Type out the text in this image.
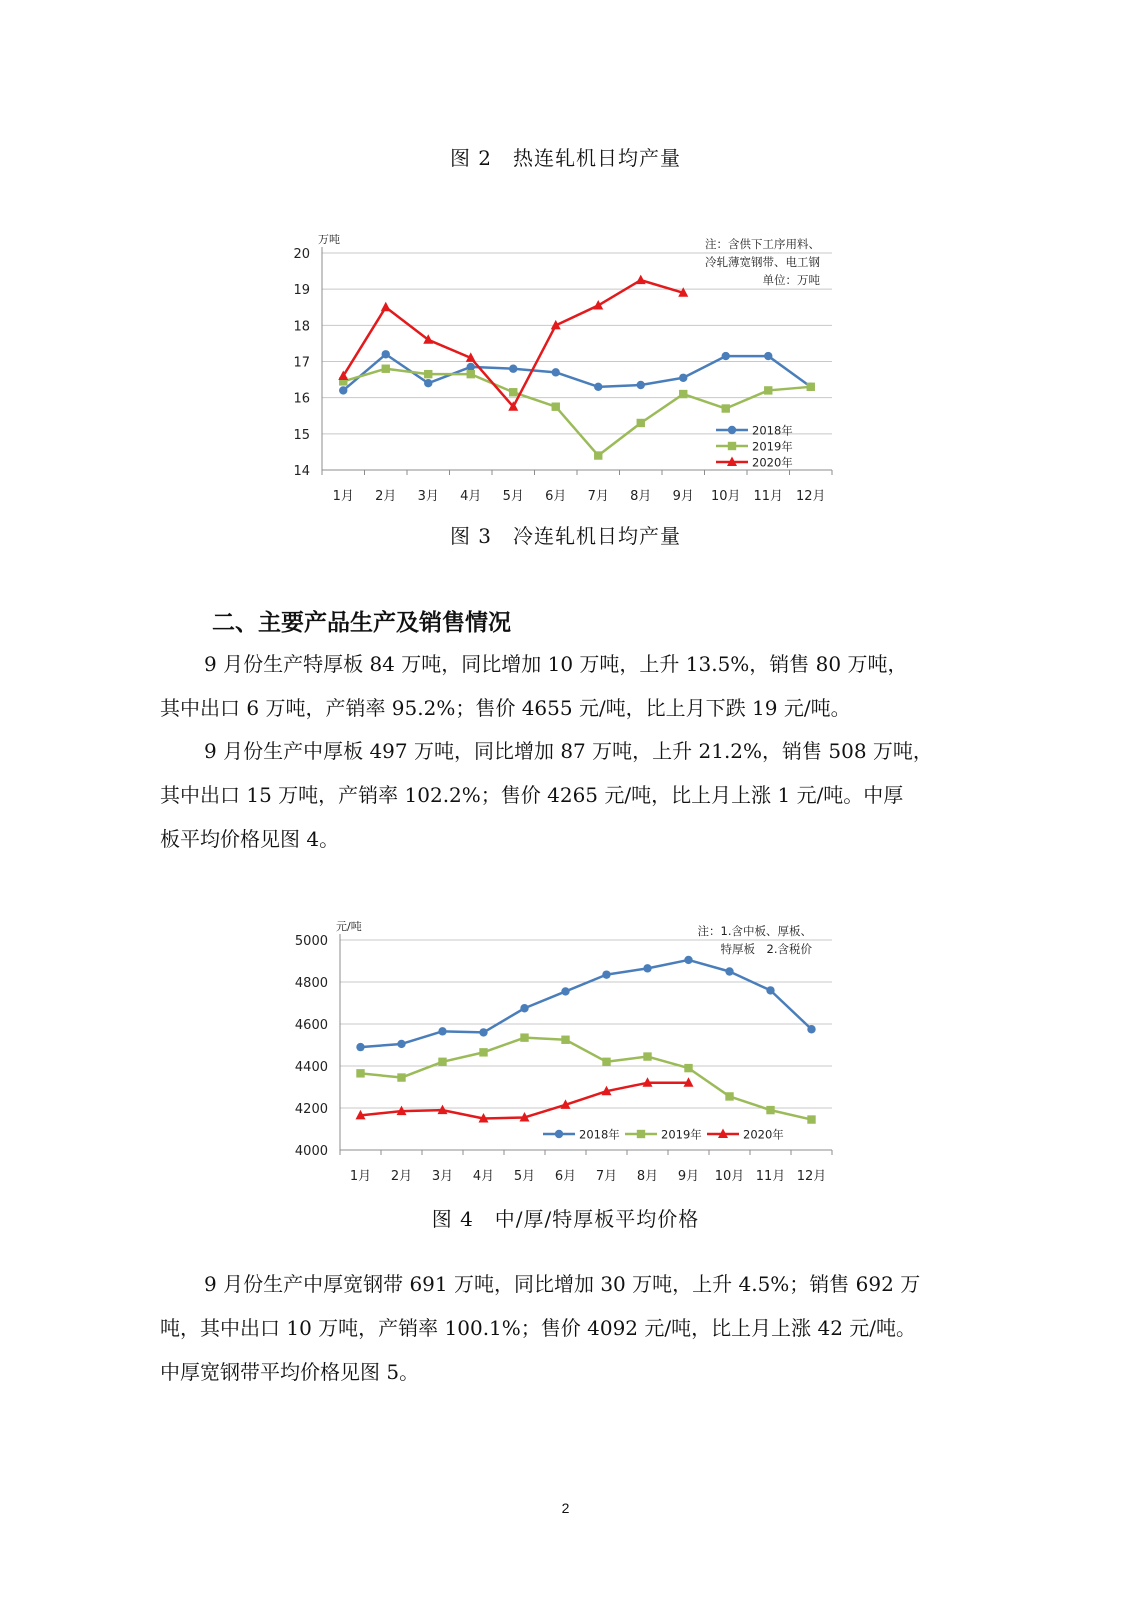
图 2　热连轧机日均产量
14
15
16
17
18
19
20
万吨
1月 2月 3月 4月 5月 6月 7月 8月 9月 10月 11月 12月
注：含供下工序用料、
冷轧薄宽钢带、电工钢
单位：万吨
2018年
2019年
2020年
图 3　冷连轧机日均产量
二、主要产品生产及销售情况

9 月份生产特厚板 84 万吨，同比增加 10 万吨，上升 13.5%，销售 80 万吨，
其中出口 6 万吨，产销率 95.2%；售价 4655 元/吨，比上月下跌 19 元/吨。

9 月份生产中厚板 497 万吨，同比增加 87 万吨，上升 21.2%，销售 508 万吨，
其中出口 15 万吨，产销率 102.2%；售价 4265 元/吨，比上月上涨 1 元/吨。中厚
板平均价格见图 4。

4000
4200
4400
4600
4800
5000
元/吨
1月 2月 3月 4月 5月 6月 7月 8月 9月 10月 11月 12月
注：1.含中板、厚板、
特厚板　2.含税价
2018年	2019年	2020年
图 4　中/厚/特厚板平均价格

9 月份生产中厚宽钢带 691 万吨，同比增加 30 万吨，上升 4.5%；销售 692 万
吨，其中出口 10 万吨，产销率 100.1%；售价 4092 元/吨，比上月上涨 42 元/吨。
中厚宽钢带平均价格见图 5。

2
